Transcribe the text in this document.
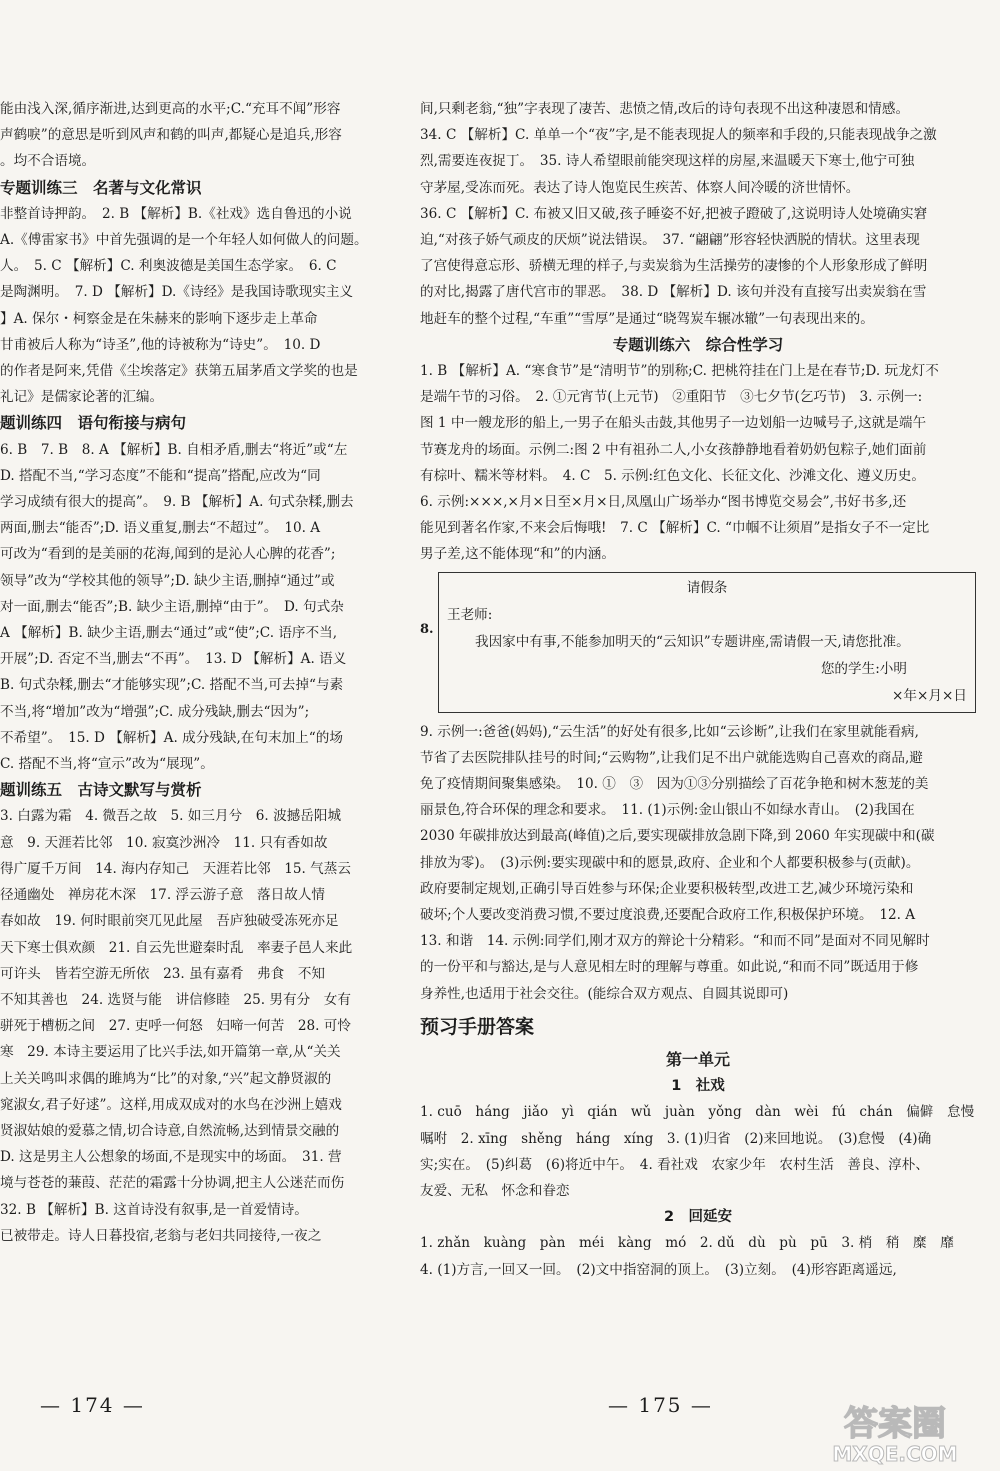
能由浅入深,循序渐进,达到更高的水平;C.“充耳不闻”形容

声鹤唳”的意思是听到风声和鹤的叫声,都疑心是追兵,形容

。均不合语境。

专题训练三　名著与文化常识

非整首诗押韵。　2. B 【解析】B.《社戏》选自鲁迅的小说

A.《傅雷家书》中首先强调的是一个年轻人如何做人的问题。

人。　5. C 【解析】C. 利奥波德是美国生态学家。　6. C

是陶渊明。　7. D 【解析】D.《诗经》是我国诗歌现实主义

】A. 保尔・柯察金是在朱赫来的影响下逐步走上革命

甘甫被后人称为“诗圣”,他的诗被称为“诗史”。　10. D

的作者是阿来,凭借《尘埃落定》获第五届茅盾文学奖的也是

礼记》是儒家论著的汇编。

题训练四　语句衔接与病句

6. B　7. B　8. A 【解析】B. 自相矛盾,删去“将近”或“左

D. 搭配不当,“学习态度”不能和“提高”搭配,应改为“同

学习成绩有很大的提高”。　9. B 【解析】A. 句式杂糅,删去

两面,删去“能否”;D. 语义重复,删去“不超过”。　10. A

可改为“看到的是美丽的花海,闻到的是沁人心脾的花香”;

领导”改为“学校其他的领导”;D. 缺少主语,删掉“通过”或

对一面,删去“能否”;B. 缺少主语,删掉“由于”。　D. 句式杂

A 【解析】B. 缺少主语,删去“通过”或“使”;C. 语序不当,

开展”;D. 否定不当,删去“不再”。　13. D 【解析】A. 语义

B. 句式杂糅,删去“才能够实现”;C. 搭配不当,可去掉“与素

不当,将“增加”改为“增强”;C. 成分残缺,删去“因为”;

不希望”。　15. D 【解析】A. 成分残缺,在句末加上“的场

C. 搭配不当,将“宣示”改为“展现”。

题训练五　古诗文默写与赏析

3. 白露为霜　4. 微吾之故　5. 如三月兮　6. 波撼岳阳城

意　9. 天涯若比邻　10. 寂寞沙洲冷　11. 只有香如故

得广厦千万间　14. 海内存知己　天涯若比邻　15. 气蒸云

径通幽处　禅房花木深　17. 浮云游子意　落日故人情

春如故　19. 何时眼前突兀见此屋　吾庐独破受冻死亦足

天下寒士俱欢颜　21. 自云先世避秦时乱　率妻子邑人来此

可许头　皆若空游无所依　23. 虽有嘉肴　弗食　不知

不知其善也　24. 选贤与能　讲信修睦　25. 男有分　女有

骈死于槽枥之间　27. 吏呼一何怒　妇啼一何苦　28. 可怜

寒　29. 本诗主要运用了比兴手法,如开篇第一章,从“关关

上关关鸣叫求偶的雎鸠为“比”的对象,“兴”起文静贤淑的

窕淑女,君子好逑”。这样,用成双成对的水鸟在沙洲上嬉戏

贤淑姑娘的爱慕之情,切合诗意,自然流畅,达到情景交融的

D. 这是男主人公想象的场面,不是现实中的场面。　31. 营

境与苍苍的蒹葭、茫茫的霜露十分协调,把主人公迷茫而伤

32. B 【解析】B. 这首诗没有叙事,是一首爱情诗。

已被带走。诗人日暮投宿,老翁与老妇共同接待,一夜之

— 174 —

间,只剩老翁,“独”字表现了凄苦、悲愤之情,改后的诗句表现不出这种凄恩和情感。

34. C 【解析】C. 单单一个“夜”字,是不能表现捉人的频率和手段的,只能表现战争之激

烈,需要连夜捉丁。　35. 诗人希望眼前能突现这样的房屋,来温暖天下寒士,他宁可独

守茅屋,受冻而死。表达了诗人饱览民生疾苦、体察人间冷暖的济世情怀。

36. C 【解析】C. 布被又旧又破,孩子睡姿不好,把被子蹬破了,这说明诗人处境确实窘

迫,“对孩子娇气顽皮的厌烦”说法错误。　37. “翩翩”形容轻快洒脱的情状。这里表现

了宫使得意忘形、骄横无理的样子,与卖炭翁为生活操劳的凄惨的个人形象形成了鲜明

的对比,揭露了唐代宫市的罪恶。　38. D 【解析】D. 该句并没有直接写出卖炭翁在雪

地赶车的整个过程,“车重”“雪厚”是通过“晓驾炭车辗冰辙”一句表现出来的。

专题训练六　综合性学习

1. B 【解析】A. “寒食节”是“清明节”的别称;C. 把桃符挂在门上是在春节;D. 玩龙灯不

是端午节的习俗。　2. ①元宵节(上元节)　②重阳节　③七夕节(乞巧节)　3. 示例一:

图 1 中一艘龙形的船上,一男子在船头击鼓,其他男子一边划船一边喊号子,这就是端午

节赛龙舟的场面。示例二:图 2 中有祖孙二人,小女孩静静地看着奶奶包粽子,她们面前

有棕叶、糯米等材料。　4. C　5. 示例:红色文化、长征文化、沙滩文化、遵义历史。

6. 示例:×××,×月×日至×月×日,凤凰山广场举办“图书博览交易会”,书好书多,还

能见到著名作家,不来会后悔哦!　7. C 【解析】C. “巾帼不让须眉”是指女子不一定比

男子差,这不能体现“和”的内涵。

请假条

王老师:

我因家中有事,不能参加明天的“云知识”专题讲座,需请假一天,请您批准。

您的学生:小明

×年×月×日

9. 示例一:爸爸(妈妈),“云生活”的好处有很多,比如“云诊断”,让我们在家里就能看病,

节省了去医院排队挂号的时间;“云购物”,让我们足不出户就能选购自己喜欢的商品,避

免了疫情期间聚集感染。　10. ①　③　因为①③分别描绘了百花争艳和树木葱茏的美

丽景色,符合环保的理念和要求。　11. (1)示例:金山银山不如绿水青山。　(2)我国在

2030 年碳排放达到最高(峰值)之后,要实现碳排放急剧下降,到 2060 年实现碳中和(碳

排放为零)。　(3)示例:要实现碳中和的愿景,政府、企业和个人都要积极参与(贡献)。

政府要制定规划,正确引导百姓参与环保;企业要积极转型,改进工艺,减少环境污染和

破坏;个人要改变消费习惯,不要过度浪费,还要配合政府工作,积极保护环境。　12. A

13. 和谐　14. 示例:同学们,刚才双方的辩论十分精彩。“和而不同”是面对不同见解时

的一份平和与豁达,是与人意见相左时的理解与尊重。如此说,“和而不同”既适用于修

身养性,也适用于社会交往。(能综合双方观点、自圆其说即可)

预习手册答案

第一单元

1　社戏

1. cuō　háng　jiǎo　yì　qián　wǔ　juàn　yǒng　dàn　wèi　fú　chán　偏僻　怠慢

嘱咐　2. xīng　shěng　háng　xíng　3. (1)归省　(2)来回地说。　(3)怠慢　(4)确

实;实在。　(5)纠葛　(6)将近中午。　4. 看社戏　农家少年　农村生活　善良、淳朴、

友爱、无私　怀念和眷恋

2　回延安

1. zhǎn　kuàng　pàn　méi　kàng　mó　2. dǔ　dù　pù　pū　3. 梢　稍　糜　靡

4. (1)方言,一回又一回。　(2)文中指窑洞的顶上。　(3)立刻。　(4)形容距离遥远,

8.
— 175 —	答案圈
MXQE.COM
